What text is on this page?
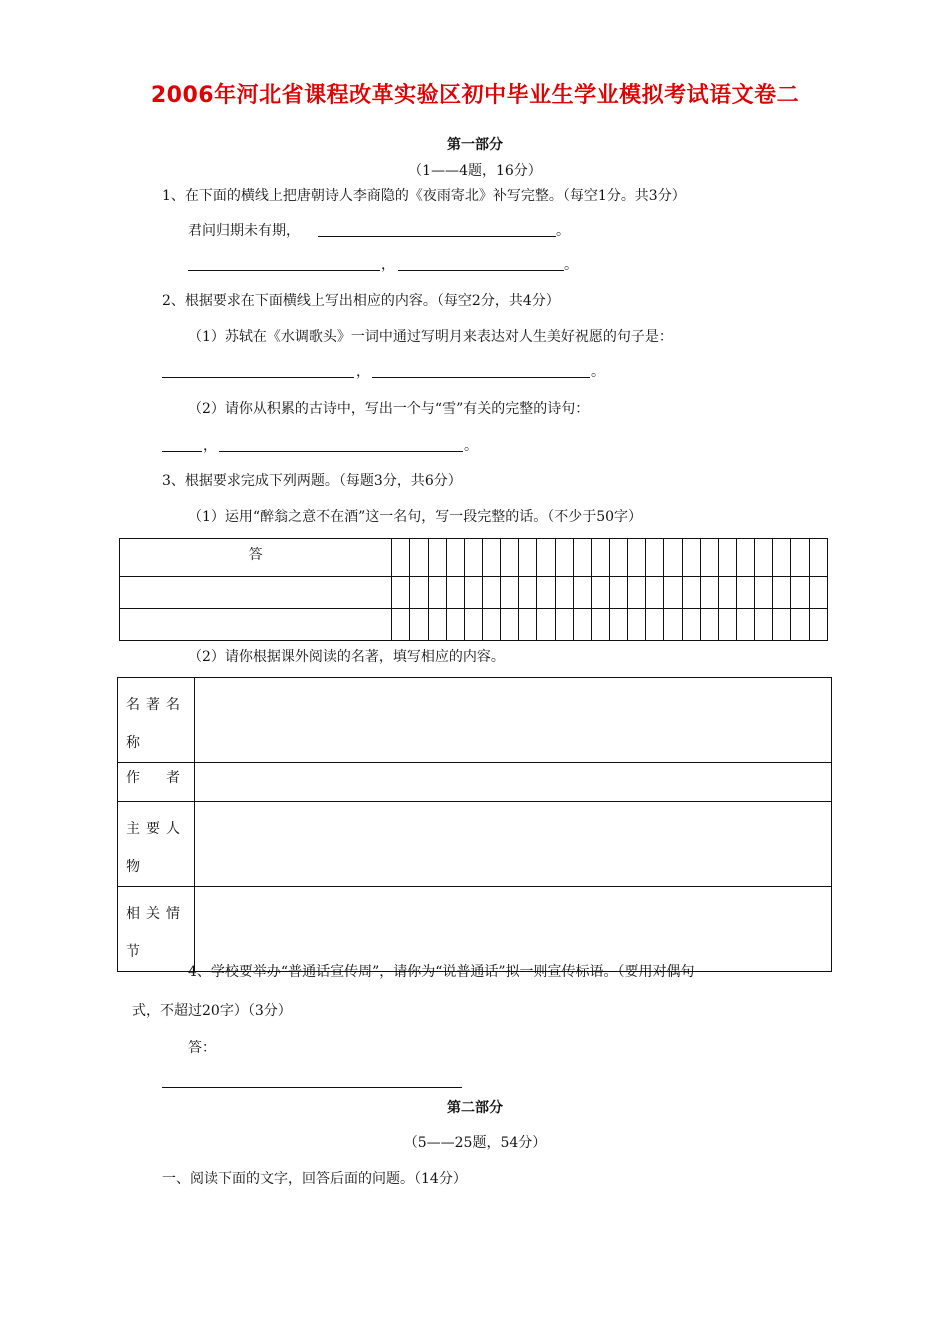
2006年河北省课程改革实验区初中毕业生学业模拟考试语文卷二
第一部分
（1——4题，16分）
1、在下面的横线上把唐朝诗人李商隐的《夜雨寄北》补写完整。（每空1分。共3分）
君问归期未有期，	。
，	。
2、根据要求在下面横线上写出相应的内容。（每空2分，共4分）
（1）苏轼在《水调歌头》一词中通过写明月来表达对人生美好祝愿的句子是：
，	。
（2）请你从积累的古诗中，写出一个与“雪”有关的完整的诗句：
，	。
3、根据要求完成下列两题。（每题3分，共6分）
（1）运用“醉翁之意不在酒”这一名句，写一段完整的话。（不少于50字）
答																								

（2）请你根据课外阅读的名著，填写相应的内容。
名著名称	
作　者	
主要人物	
相关情节	
4、学校要举办“普通话宣传周”，请你为“说普通话”拟一则宣传标语。（要用对偶句
式，不超过20字）（3分）
答：
第二部分
（5——25题，54分）
一、阅读下面的文字，回答后面的问题。（14分）
